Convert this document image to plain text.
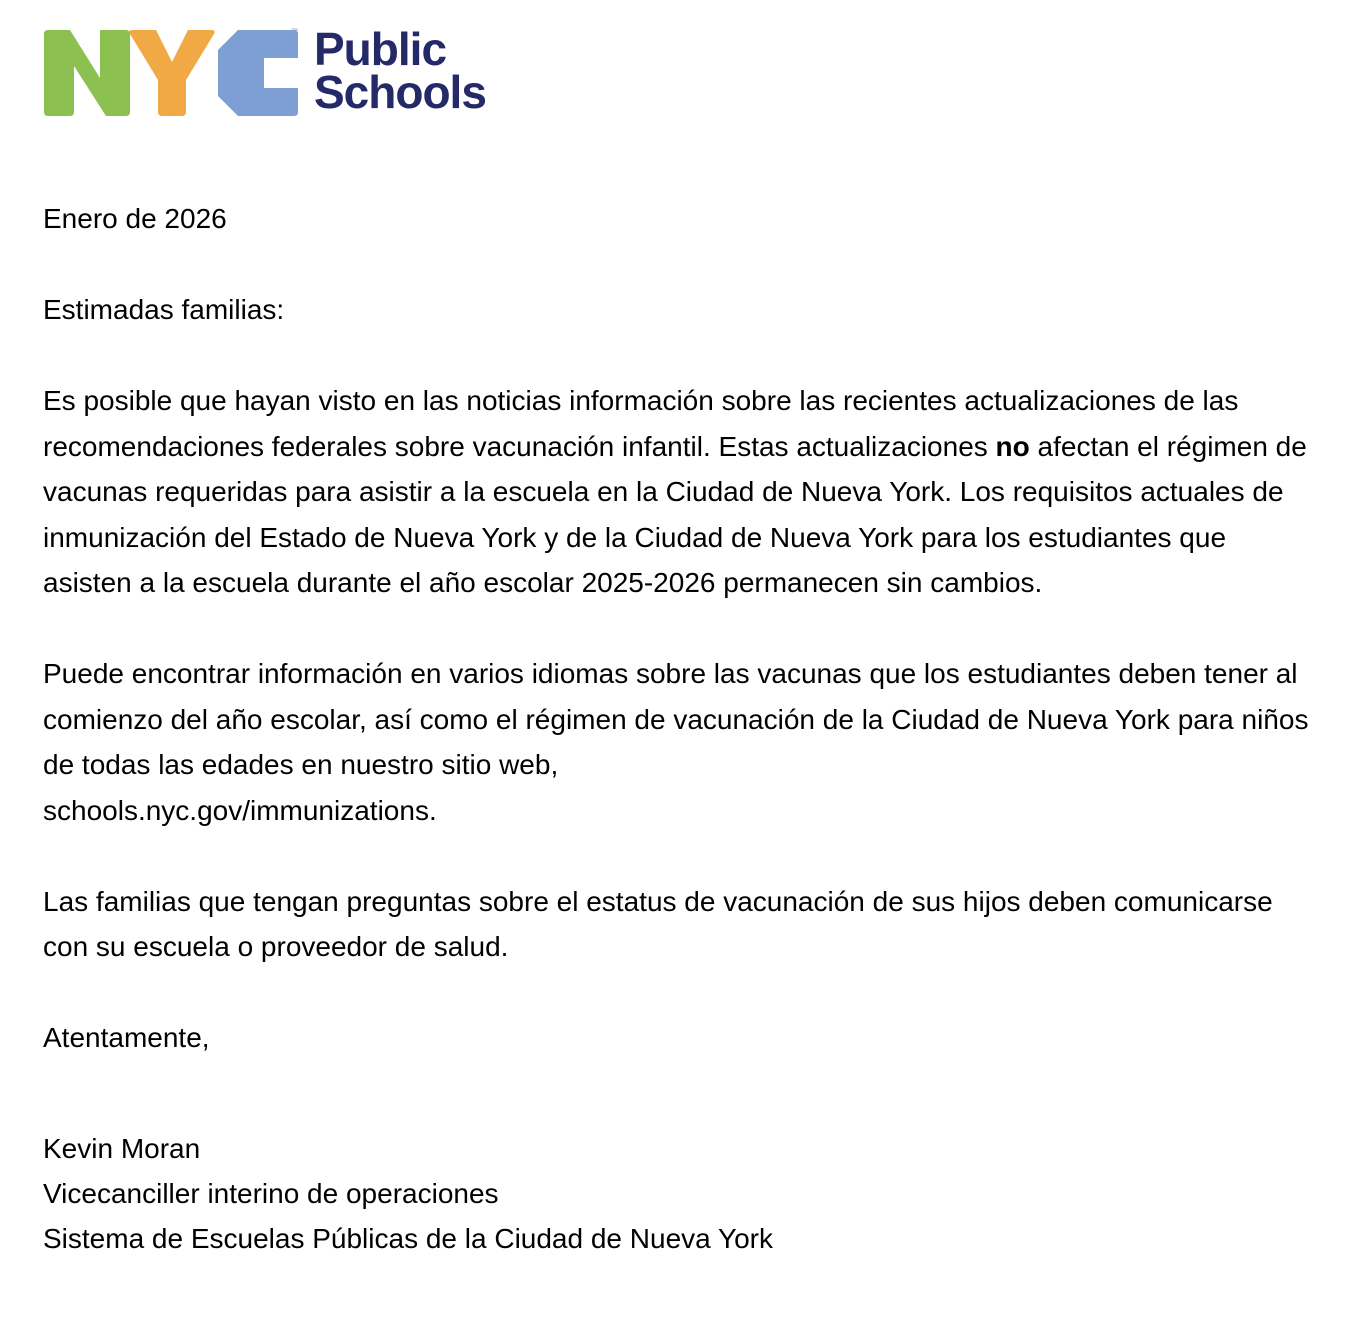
™ Public
Schools

Enero de 2026

Estimadas familias:

Es posible que hayan visto en las noticias información sobre las recientes actualizaciones de las recomendaciones federales sobre vacunación infantil. Estas actualizaciones no afectan el régimen de vacunas requeridas para asistir a la escuela en la Ciudad de Nueva York. Los requisitos actuales de inmunización del Estado de Nueva York y de la Ciudad de Nueva York para los estudiantes que asisten a la escuela durante el año escolar 2025-2026 permanecen sin cambios.

Puede encontrar información en varios idiomas sobre las vacunas que los estudiantes deben tener al comienzo del año escolar, así como el régimen de vacunación de la Ciudad de Nueva York para niños de todas las edades en nuestro sitio web,
schools.nyc.gov/immunizations.

Las familias que tengan preguntas sobre el estatus de vacunación de sus hijos deben comunicarse con su escuela o proveedor de salud.

Atentamente,

Kevin Moran
Vicecanciller interino de operaciones
Sistema de Escuelas Públicas de la Ciudad de Nueva York
